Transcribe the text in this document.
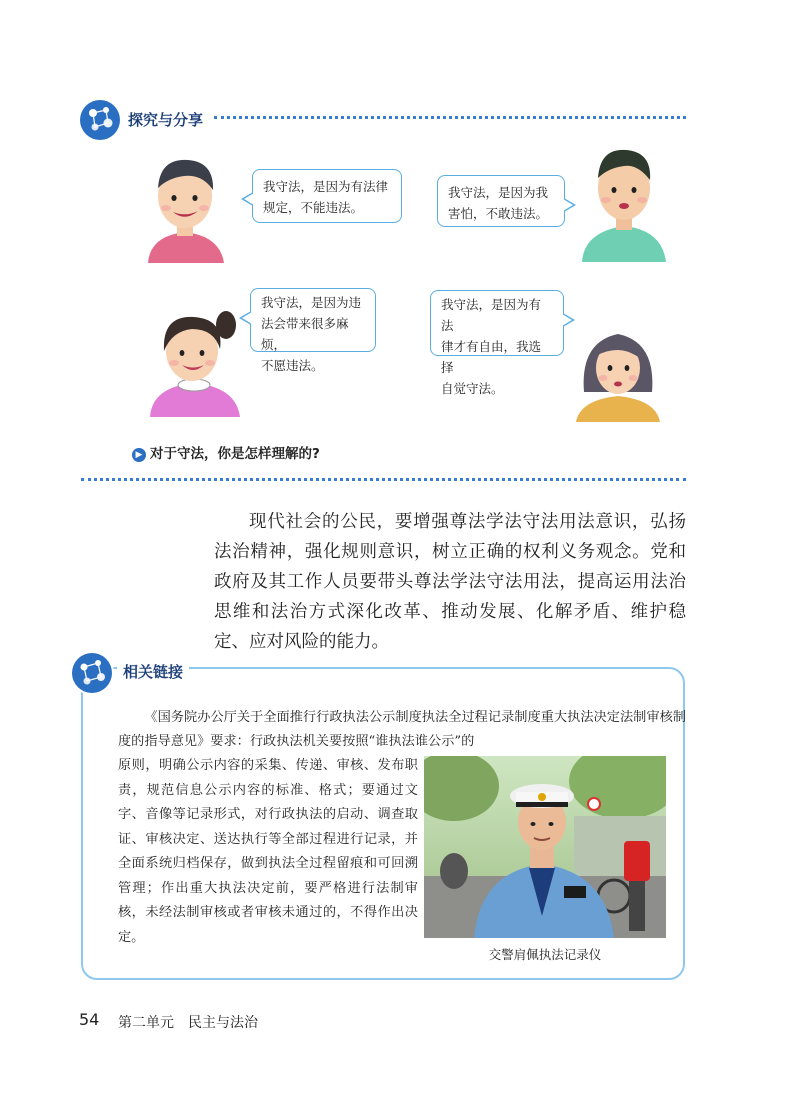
探究与分享
我守法，是因为有法律
规定，不能违法。
我守法，是因为我
害怕，不敢违法。
我守法，是因为违
法会带来很多麻烦，
不愿违法。
我守法，是因为有法
律才有自由，我选择
自觉守法。
▶ 对于守法，你是怎样理解的?

现代社会的公民，要增强尊法学法守法用法意识，弘扬法治精神，强化规则意识，树立正确的权利义务观念。党和政府及其工作人员要带头尊法学法守法用法，提高运用法治思维和法治方式深化改革、推动发展、化解矛盾、维护稳定、应对风险的能力。

相关链接

《国务院办公厅关于全面推行行政执法公示制度执法全过程记录制度重大执法决定法制审核制度的指导意见》要求：行政执法机关要按照“谁执法谁公示”的

原则，明确公示内容的采集、传递、审核、发布职责，规范信息公示内容的标准、格式；要通过文字、音像等记录形式，对行政执法的启动、调查取证、审核决定、送达执行等全部过程进行记录，并全面系统归档保存，做到执法全过程留痕和可回溯管理；作出重大执法决定前，要严格进行法制审核，未经法制审核或者审核未通过的，不得作出决定。

交警肩佩执法记录仪
54 第二单元　民主与法治
